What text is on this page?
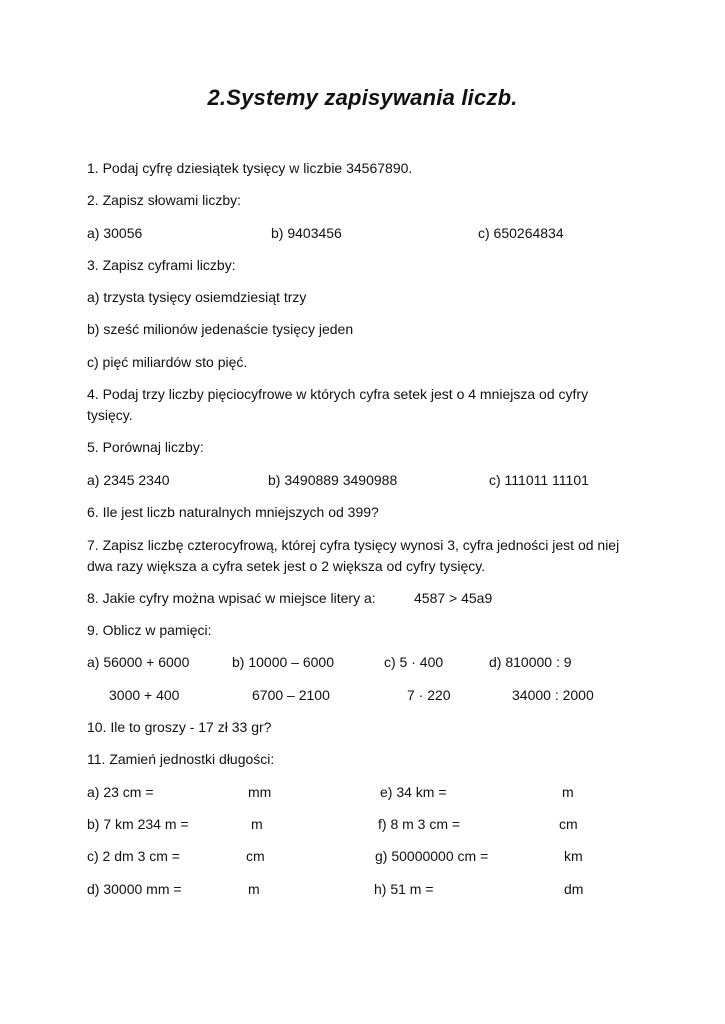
2.Systemy zapisywania liczb.
1. Podaj cyfrę dziesiątek tysięcy w liczbie 34567890.
2. Zapisz słowami liczby:
a) 30056	b) 9403456	c) 650264834
3. Zapisz cyframi liczby:
a) trzysta tysięcy osiemdziesiąt trzy
b) sześć milionów jedenaście tysięcy jeden
c) pięć miliardów sto pięć.
4. Podaj trzy liczby pięciocyfrowe w których cyfra setek jest o 4 mniejsza od cyfry tysięcy.
5. Porównaj liczby:
a) 2345 2340	b) 3490889 3490988	c) 111011 11101
6. Ile jest liczb naturalnych mniejszych od 399?
7. Zapisz liczbę czterocyfrową, której cyfra tysięcy wynosi 3, cyfra jedności jest od niej dwa razy większa a cyfra setek jest o 2 większa od cyfry tysięcy.
8. Jakie cyfry można wpisać w miejsce litery a:	4587 > 45a9
9. Oblicz w pamięci:
a) 56000 + 6000	b) 10000 – 6000	c) 5 · 400	d) 810000 : 9
3000 + 400	6700 – 2100	7 · 220	34000 : 2000
10. Ile to groszy - 17 zł 33 gr?
11. Zamień jednostki długości:
a) 23 cm =	mm	e) 34 km =	m
b) 7 km 234 m =	m	f) 8 m 3 cm =	cm
c) 2 dm 3 cm =	cm	g) 50000000 cm =	km
d) 30000 mm =	m	h) 51 m =	dm
